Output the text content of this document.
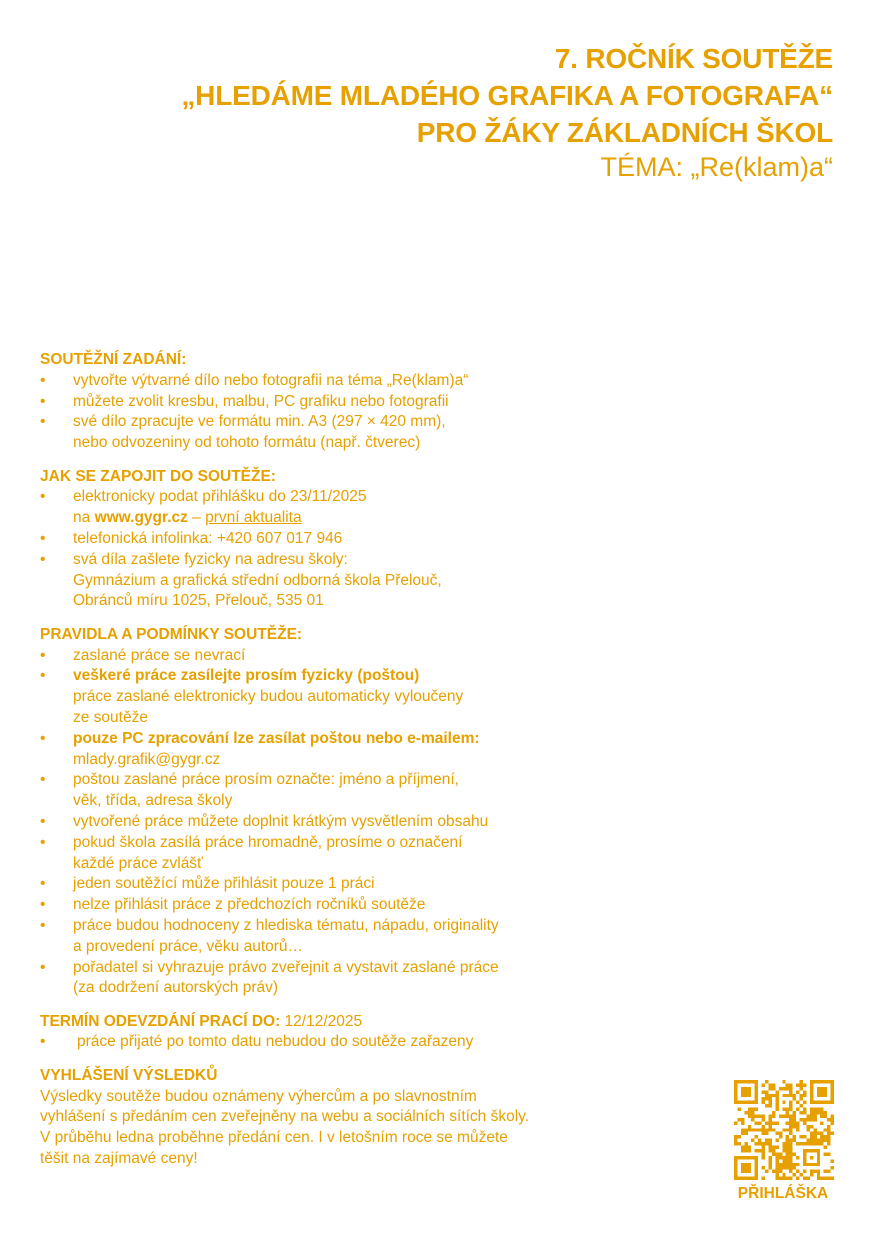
7. ROČNÍK SOUTĚŽE
„HLEDÁME MLADÉHO GRAFIKA A FOTOGRAFA“
PRO ŽÁKY ZÁKLADNÍCH ŠKOL
TÉMA: „Re(klam)a“
SOUTĚŽNÍ ZADÁNÍ:
• vytvořte výtvarné dílo nebo fotografii na téma „Re(klam)a“
• můžete zvolit kresbu, malbu, PC grafiku nebo fotografii
• své dílo zpracujte ve formátu min. A3 (297 × 420 mm),
nebo odvozeniny od tohoto formátu (např. čtverec)
JAK SE ZAPOJIT DO SOUTĚŽE:
• elektronicky podat přihlášku do 23/11/2025
na www.gygr.cz – první aktualita
• telefonická infolinka: +420 607 017 946
• svá díla zašlete fyzicky na adresu školy:
Gymnázium a grafická střední odborná škola Přelouč,
Obránců míru 1025, Přelouč, 535 01
PRAVIDLA A PODMÍNKY SOUTĚŽE:
• zaslané práce se nevrací
• veškeré práce zasílejte prosím fyzicky (poštou)
práce zaslané elektronicky budou automaticky vyloučeny
ze soutěže
• pouze PC zpracování lze zasílat poštou nebo e-mailem:
mlady.grafik@gygr.cz
• poštou zaslané práce prosím označte: jméno a příjmení,
věk, třída, adresa školy
• vytvořené práce můžete doplnit krátkým vysvětlením obsahu
• pokud škola zasílá práce hromadně, prosíme o označení
každé práce zvlášť
• jeden soutěžící může přihlásit pouze 1 práci
• nelze přihlásit práce z předchozích ročníků soutěže
• práce budou hodnoceny z hlediska tématu, nápadu, originality
a provedení práce, věku autorů…
• pořadatel si vyhrazuje právo zveřejnit a vystavit zaslané práce
(za dodržení autorských práv)
TERMÍN ODEVZDÁNÍ PRACÍ DO: 12/12/2025
• práce přijaté po tomto datu nebudou do soutěže zařazeny
VYHLÁŠENÍ VÝSLEDKŮ
Výsledky soutěže budou oznámeny výhercům a po slavnostním
vyhlášení s předáním cen zveřejněny na webu a sociálních sítích školy.
V průběhu ledna proběhne předání cen. I v letošním roce se můžete
těšit na zajímavé ceny!
PŘIHLÁŠKA
